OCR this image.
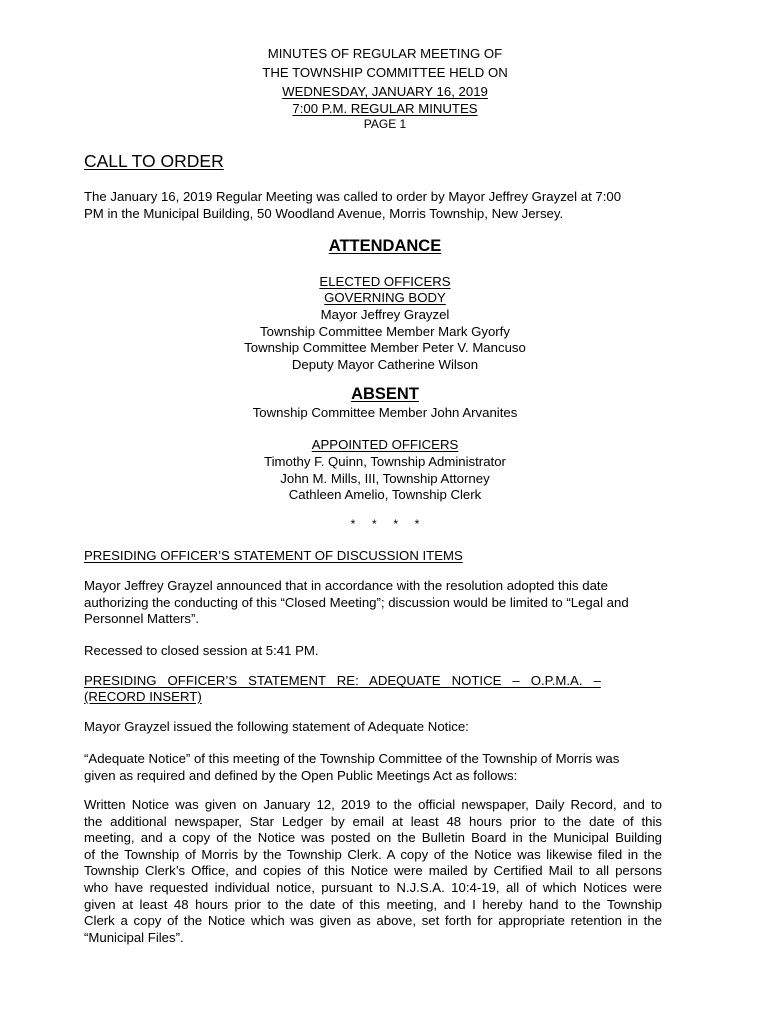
MINUTES OF REGULAR MEETING OF

THE TOWNSHIP COMMITTEE HELD ON

WEDNESDAY, JANUARY 16, 2019

7:00 P.M. REGULAR MINUTES

PAGE 1

CALL TO ORDER

The January 16, 2019 Regular Meeting was called to order by Mayor Jeffrey Grayzel at 7:00

PM in the Municipal Building, 50 Woodland Avenue, Morris Township, New Jersey.

ATTENDANCE

ELECTED OFFICERS

GOVERNING BODY

Mayor Jeffrey Grayzel

Township Committee Member Mark Gyorfy

Township Committee Member Peter V. Mancuso

Deputy Mayor Catherine Wilson

ABSENT

Township Committee Member John Arvanites

APPOINTED OFFICERS

Timothy F. Quinn, Township Administrator

John M. Mills, III, Township Attorney

Cathleen Amelio, Township Clerk

*     *     *     *

PRESIDING OFFICER’S STATEMENT OF DISCUSSION ITEMS

Mayor Jeffrey Grayzel announced that in accordance with the resolution adopted this date

authorizing the conducting of this “Closed Meeting”; discussion would be limited to “Legal and

Personnel Matters”.

Recessed to closed session at 5:41 PM.

PRESIDING   OFFICER’S   STATEMENT   RE:   ADEQUATE   NOTICE   –   O.P.M.A.   –

(RECORD INSERT)

Mayor Grayzel issued the following statement of Adequate Notice:

“Adequate Notice” of this meeting of the Township Committee of the Township of Morris was

given as required and defined by the Open Public Meetings Act as follows:

Written Notice was given on January 12, 2019 to the official newspaper, Daily Record, and to

the additional newspaper, Star Ledger by email at least 48 hours prior to the date of this

meeting, and a copy of the Notice was posted on the Bulletin Board in the Municipal Building

of the Township of Morris by the Township Clerk. A copy of the Notice was likewise filed in the

Township Clerk’s Office, and copies of this Notice were mailed by Certified Mail to all persons

who have requested individual notice, pursuant to N.J.S.A. 10:4-19, all of which Notices were

given at least 48 hours prior to the date of this meeting, and I hereby hand to the Township

Clerk a copy of the Notice which was given as above, set forth for appropriate retention in the

“Municipal Files”.
